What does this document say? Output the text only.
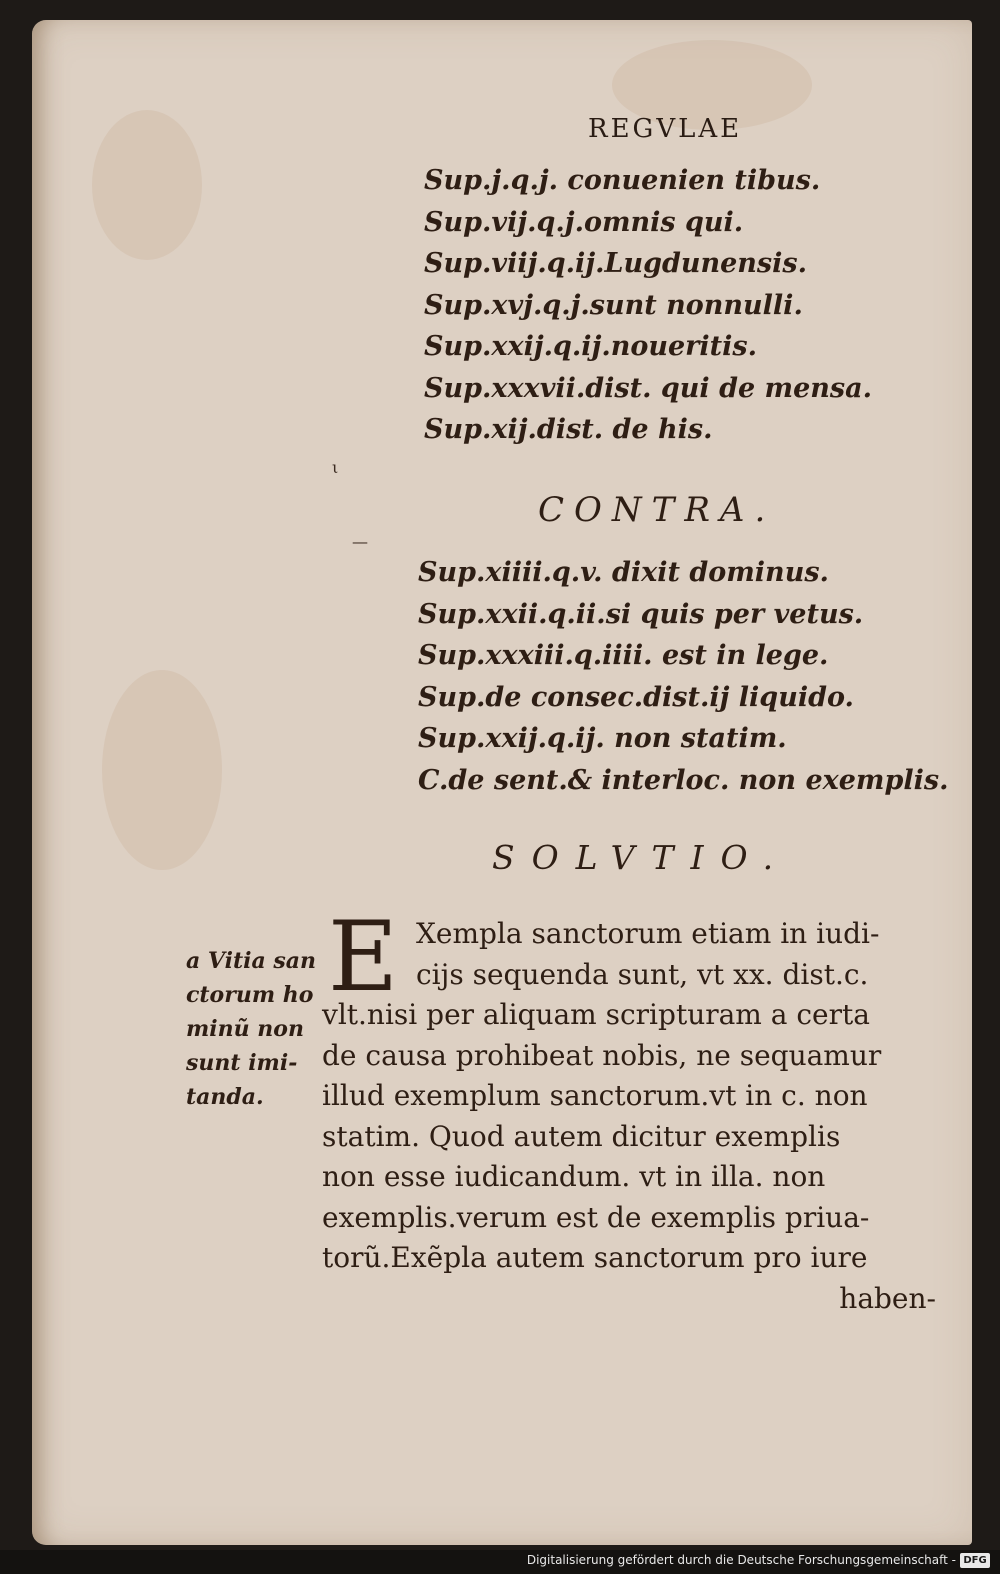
REGVLAE
Sup.j.q.j. conuenien tibus.
Sup.vij.q.j.omnis qui.
Sup.viij.q.ij.Lugdunensis.
Sup.xvj.q.j.sunt nonnulli.
Sup.xxij.q.ij.noueritis.
Sup.xxxvii.dist. qui de mensa.
Sup.xij.dist. de his.
ι
—
CONTRA.
Sup.xiiii.q.v. dixit dominus.
Sup.xxii.q.ii.si quis per vetus.
Sup.xxxiii.q.iiii. est in lege.
Sup.de consec.dist.ij liquido.
Sup.xxij.q.ij. non statim.
C.de sent.& interloc. non exemplis.
SOLVTIO.
a Vitia san
ctorum ho
minũ non
sunt imi-
tanda.
E Xempla sanctorum etiam in iudi-
cijs sequenda sunt, vt xx. dist.c.
vlt.nisi per aliquam scripturam a certa
de causa prohibeat nobis, ne sequamur
illud exemplum sanctorum.vt in c. non
statim. Quod autem dicitur exemplis
non esse iudicandum. vt in illa. non
exemplis.verum est de exemplis priua-
torũ.Exẽpla autem sanctorum pro iure
haben-
Digitalisierung gefördert durch die Deutsche Forschungsgemeinschaft - DFG
